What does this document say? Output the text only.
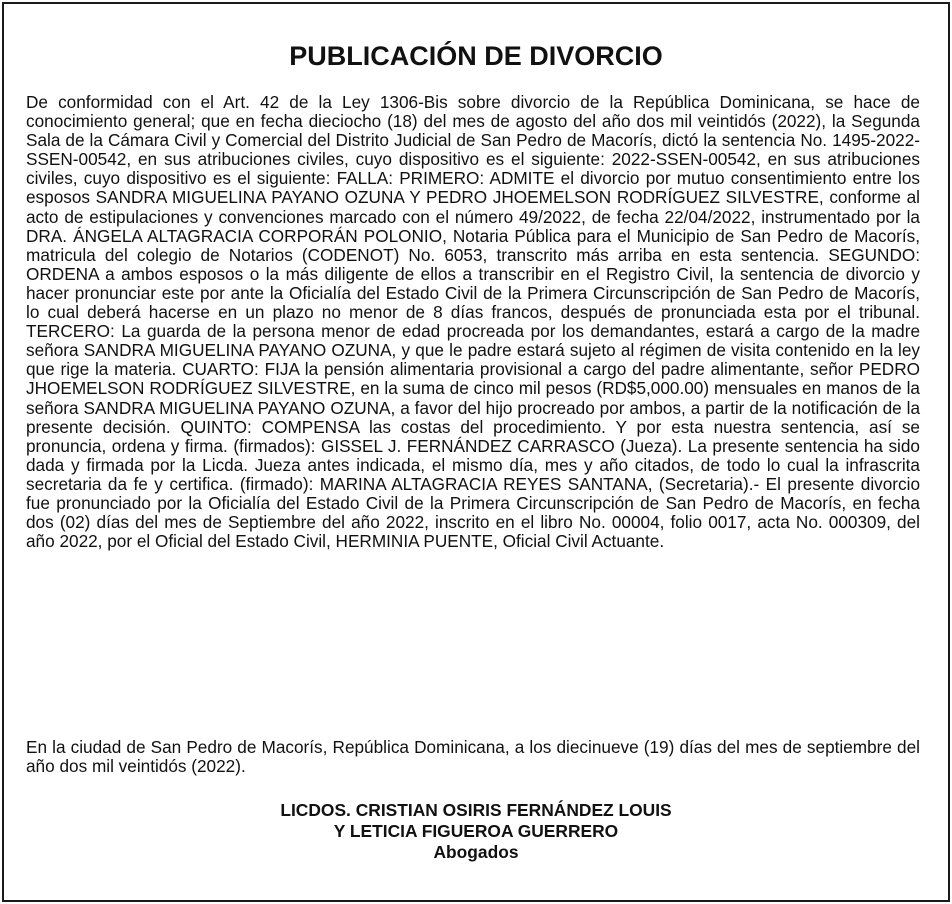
PUBLICACIÓN DE DIVORCIO

De conformidad con el Art. 42 de la Ley 1306-Bis sobre divorcio de la República Dominicana, se hace de conocimiento general; que en fecha dieciocho (18) del mes de agosto del año dos mil veintidós (2022), la Segunda Sala de la Cámara Civil y Comercial del Distrito Judicial de San Pedro de Macorís, dictó la sentencia No. 1495-2022-SSEN-00542, en sus atribuciones civiles, cuyo dispositivo es el siguiente: 2022-SSEN-00542, en sus atribuciones civiles, cuyo dispositivo es el siguiente: FALLA: PRIMERO: ADMITE el divorcio por mutuo consentimiento entre los esposos SANDRA MIGUELINA PAYANO OZUNA Y PEDRO JHOEMELSON RODRÍGUEZ SILVESTRE, conforme al acto de estipulaciones y convenciones marcado con el número 49/2022, de fecha 22/04/2022, instrumentado por la DRA. ÁNGELA ALTAGRACIA CORPORÁN POLONIO, Notaria Pública para el Municipio de San Pedro de Macorís, matricula del colegio de Notarios (CODENOT) No. 6053, transcrito más arriba en esta sentencia. SEGUNDO: ORDENA a ambos esposos o la más diligente de ellos a transcribir en el Registro Civil, la sentencia de divorcio y hacer pronunciar este por ante la Oficialía del Estado Civil de la Primera Circunscripción de San Pedro de Macorís, lo cual deberá hacerse en un plazo no menor de 8 días francos, después de pronunciada esta por el tribunal. TERCERO: La guarda de la persona menor de edad procreada por los demandantes, estará a cargo de la madre señora SANDRA MIGUELINA PAYANO OZUNA, y que le padre estará sujeto al régimen de visita contenido en la ley que rige la materia. CUARTO: FIJA la pensión alimentaria provisional a cargo del padre alimentante, señor PEDRO JHOEMELSON RODRÍGUEZ SILVESTRE, en la suma de cinco mil pesos (RD$5,000.00) mensuales en manos de la señora SANDRA MIGUELINA PAYANO OZUNA, a favor del hijo procreado por ambos, a partir de la notificación de la presente decisión. QUINTO: COMPENSA las costas del procedimiento. Y por esta nuestra sentencia, así se pronuncia, ordena y firma. (firmados): GISSEL J. FERNÁNDEZ CARRASCO (Jueza). La presente sentencia ha sido dada y firmada por la Licda. Jueza antes indicada, el mismo día, mes y año citados, de todo lo cual la infrascrita secretaria da fe y certifica. (firmado): MARINA ALTAGRACIA REYES SANTANA, (Secretaria).- El presente divorcio fue pronunciado por la Oficialía del Estado Civil de la Primera Circunscripción de San Pedro de Macorís, en fecha dos (02) días del mes de Septiembre del año 2022, inscrito en el libro No. 00004, folio 0017, acta No. 000309, del año 2022, por el Oficial del Estado Civil, HERMINIA PUENTE, Oficial Civil Actuante.

En la ciudad de San Pedro de Macorís, República Dominicana, a los diecinueve (19) días del mes de septiembre del año dos mil veintidós (2022).

LICDOS. CRISTIAN OSIRIS FERNÁNDEZ LOUIS
Y LETICIA FIGUEROA GUERRERO
Abogados
